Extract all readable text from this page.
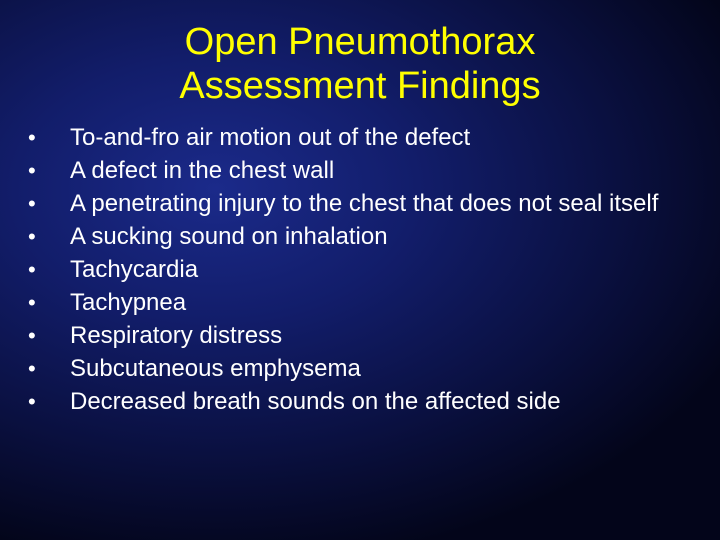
Open Pneumothorax
Assessment Findings
•	To-and-fro air motion out of the defect
•	A defect in the chest wall
•	A penetrating injury to the chest that does not seal itself
•	A sucking sound on inhalation
•	Tachycardia
•	Tachypnea
•	Respiratory distress
•	Subcutaneous emphysema
•	Decreased breath sounds on the affected side
